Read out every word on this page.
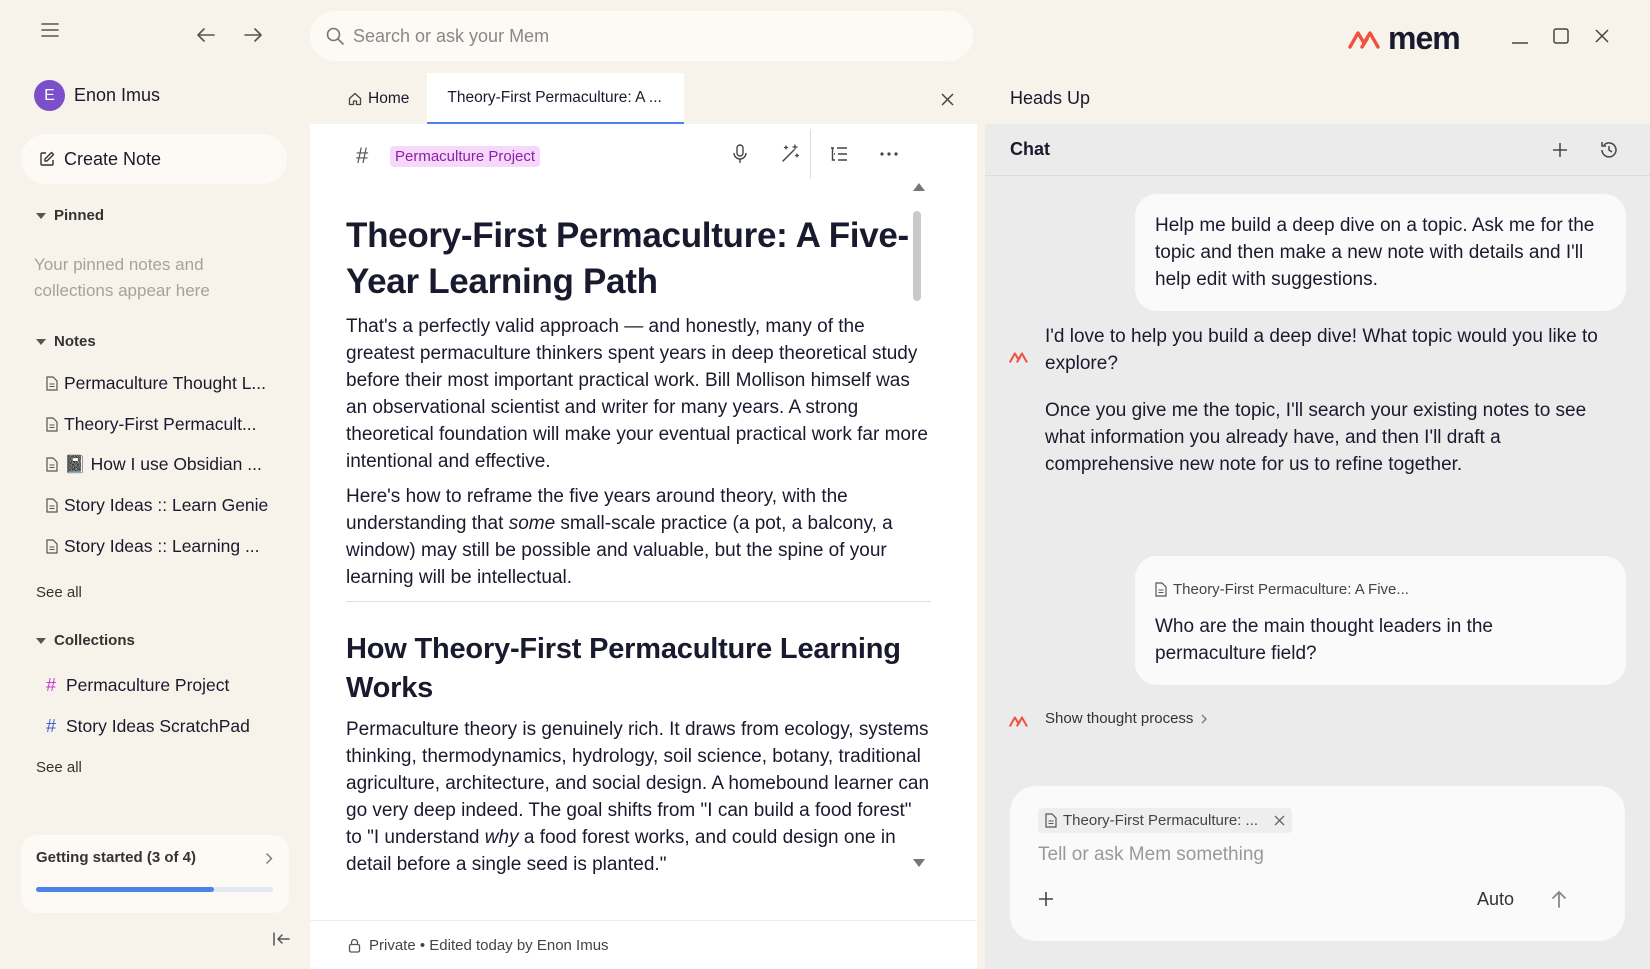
E	Enon Imus
Create Note
Pinned
Your pinned notes and collections appear here
Notes
Permaculture Thought L...
Theory-First Permacult...
📓 How I use Obsidian ...
Story Ideas :: Learn Genie
Story Ideas :: Learning ...
See all
Collections
# Permaculture Project
# Story Ideas ScratchPad
See all
Getting started (3 of 4)
Search or ask your Mem	mem
Home	Theory-First Permaculture: A ...
#	Permaculture Project
Theory-First Permaculture: A Five-Year Learning Path

That's a perfectly valid approach — and honestly, many of the greatest permaculture thinkers spent years in deep theoretical study before their most important practical work. Bill Mollison himself was an observational scientist and writer for many years. A strong theoretical foundation will make your eventual practical work far more intentional and effective.

Here's how to reframe the five years around theory, with the understanding that some small-scale practice (a pot, a balcony, a window) may still be possible and valuable, but the spine of your learning will be intellectual.

How Theory-First Permaculture Learning Works

Permaculture theory is genuinely rich. It draws from ecology, systems thinking, thermodynamics, hydrology, soil science, botany, traditional agriculture, architecture, and social design. A homebound learner can go very deep indeed. The goal shifts from "I can build a food forest" to "I understand why a food forest works, and could design one in detail before a single seed is planted."

Private • Edited today by Enon Imus
Heads Up
Chat
Help me build a deep dive on a topic. Ask me for the topic and then make a new note with details and I'll help edit with suggestions.

I'd love to help you build a deep dive! What topic would you like to explore?

Once you give me the topic, I'll search your existing notes to see what information you already have, and then I'll draft a comprehensive new note for us to refine together.

Theory-First Permaculture: A Five...
Who are the main thought leaders in the permaculture field?
Show thought process
Theory-First Permaculture: ...
Tell or ask Mem something
Auto
